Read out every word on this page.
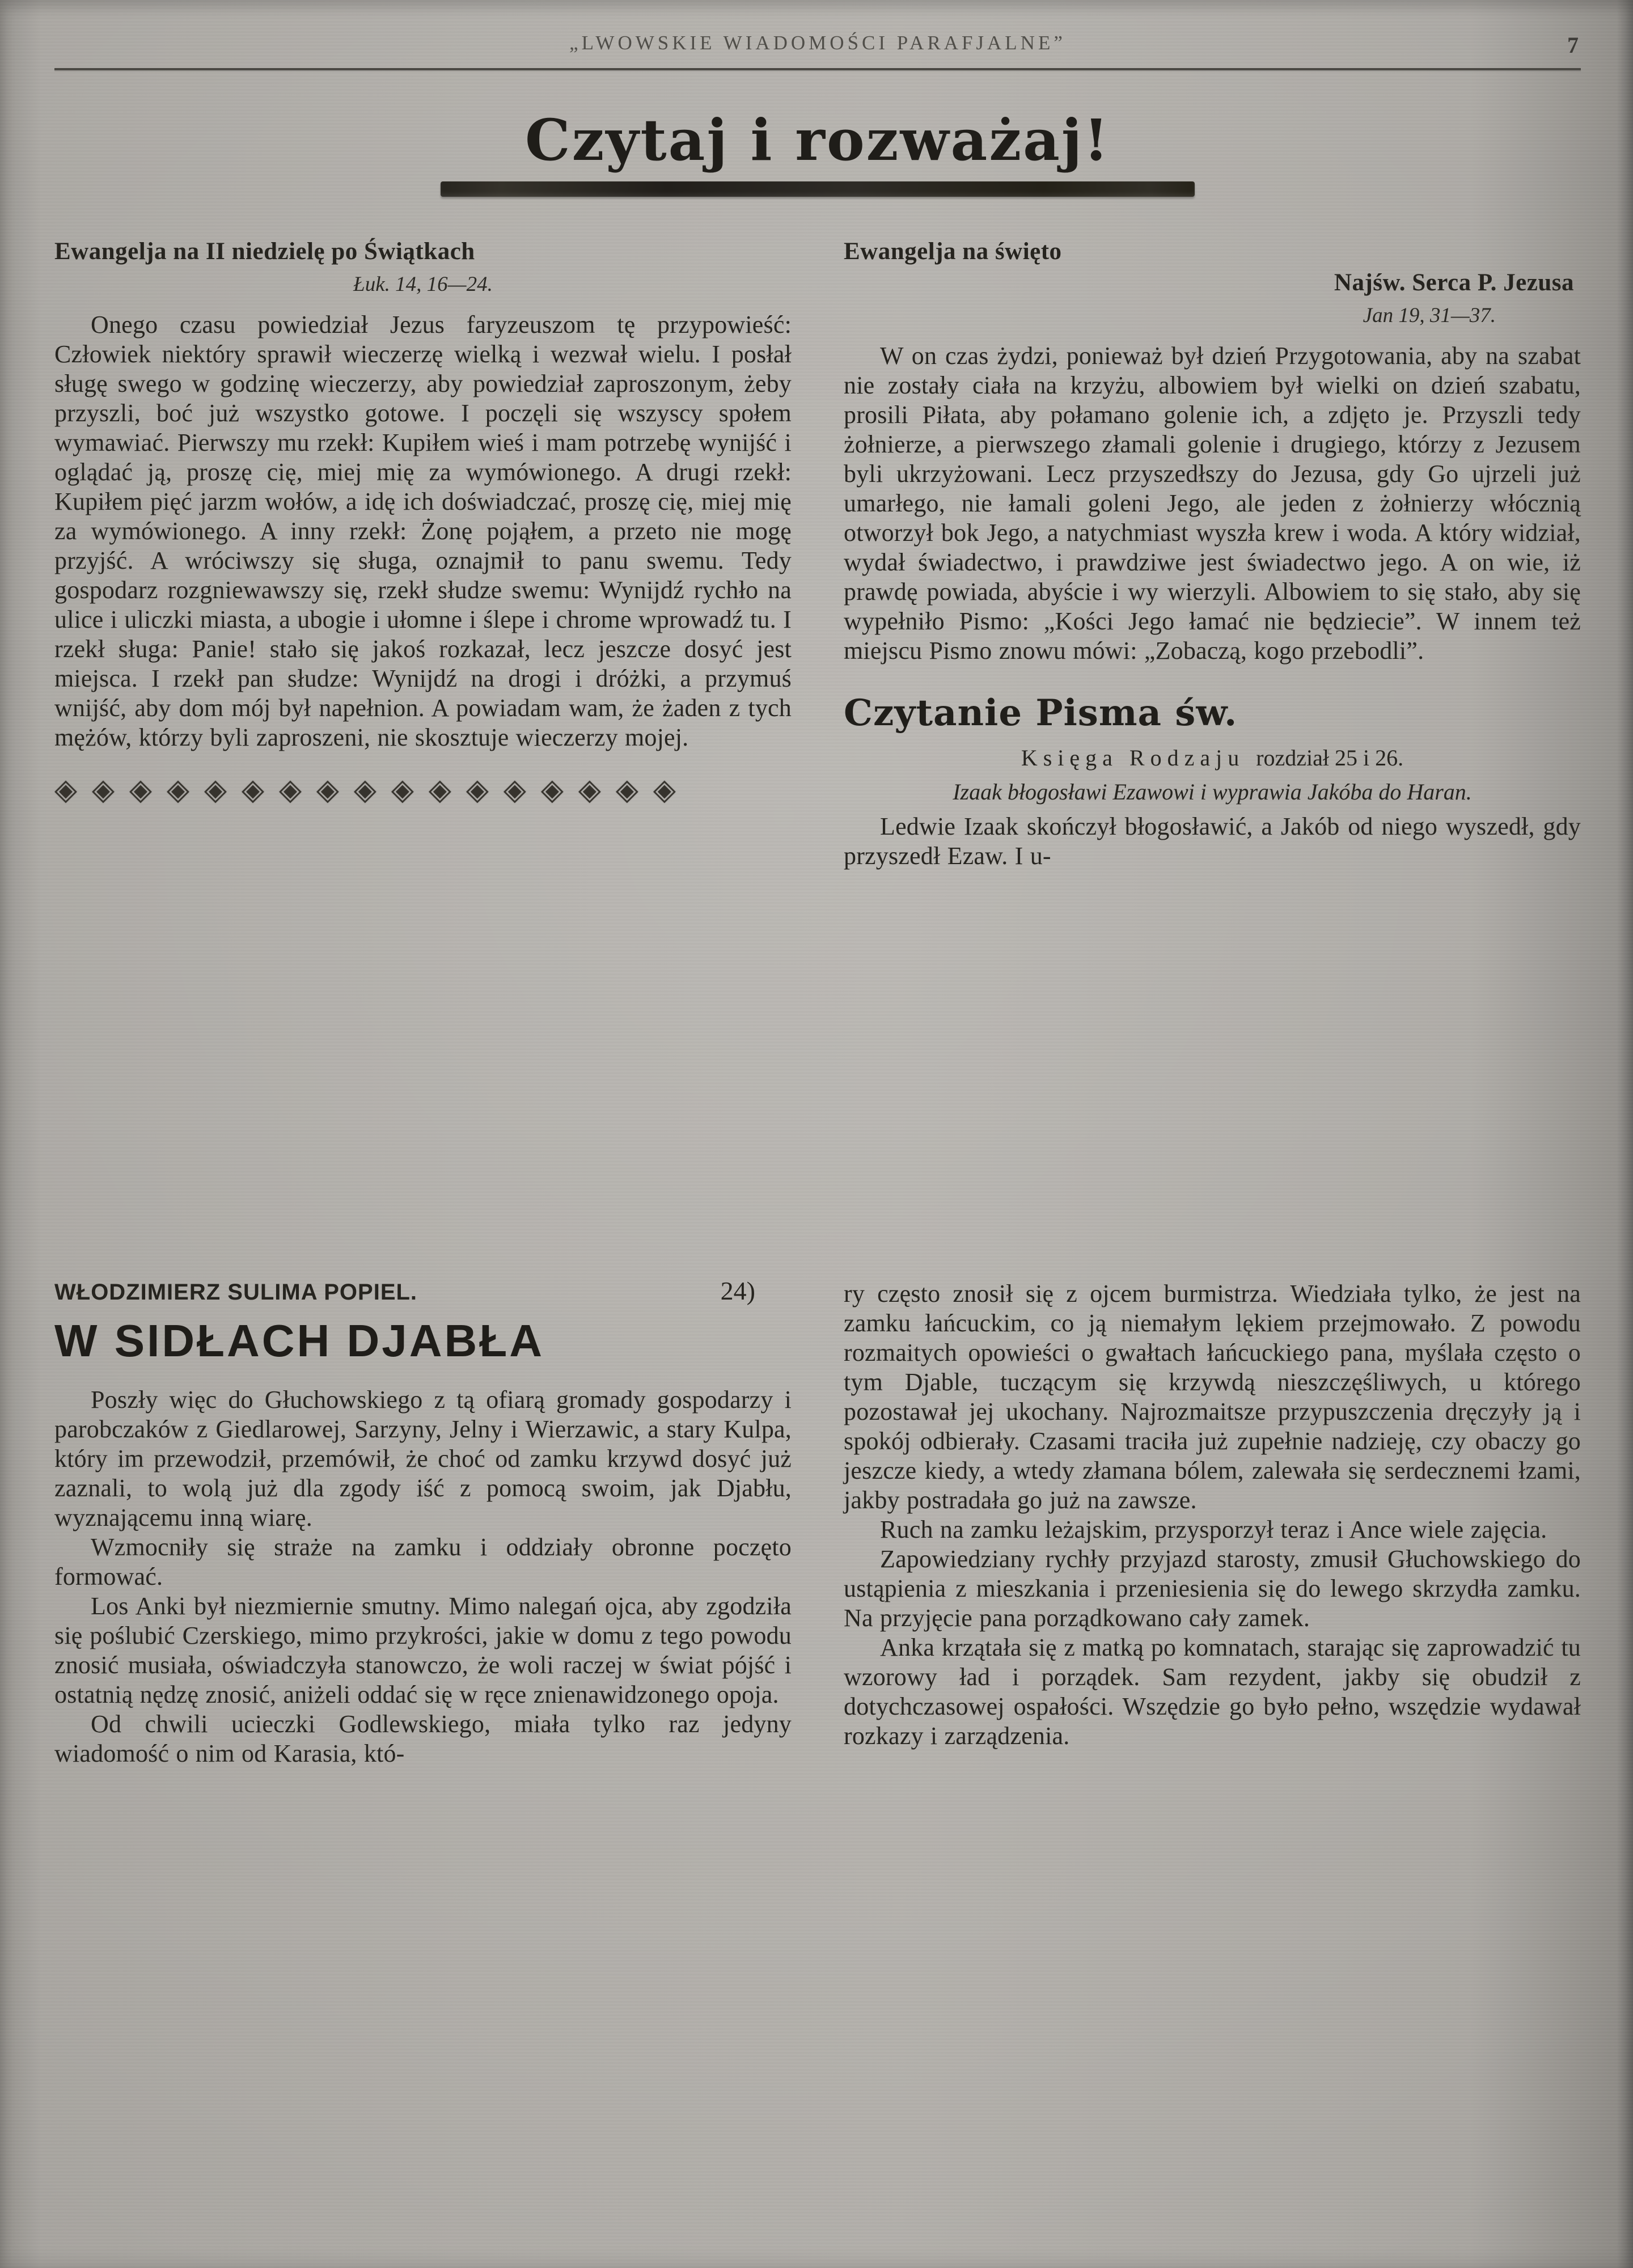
„LWOWSKIE WIADOMOŚCI PARAFJALNE”	7
Czytaj i rozważaj!
Ewangelja na II niedzielę po Świątkach
Łuk. 14, 16—24.

Onego czasu powiedział Jezus faryzeuszom tę przypowieść: Człowiek niektóry sprawił wieczerzę wielką i wezwał wielu. I posłał sługę swego w godzinę wieczerzy, aby powiedział zaproszonym, żeby przyszli, boć już wszystko gotowe. I poczęli się wszyscy społem wymawiać. Pierwszy mu rzekł: Kupiłem wieś i mam potrzebę wynijść i oglądać ją, proszę cię, miej mię za wymówionego. A drugi rzekł: Kupiłem pięć jarzm wołów, a idę ich doświadczać, proszę cię, miej mię za wymówionego. A inny rzekł: Żonę pojąłem, a przeto nie mogę przyjść. A wróciwszy się sługa, oznajmił to panu swemu. Tedy gospodarz rozgniewawszy się, rzekł słudze swemu: Wynijdź rychło na ulice i uliczki miasta, a ubogie i ułomne i ślepe i chrome wprowadź tu. I rzekł sługa: Panie! stało się jakoś rozkazał, lecz jeszcze dosyć jest miejsca. I rzekł pan słudze: Wynijdź na drogi i dróżki, a przymuś wnijść, aby dom mój był napełnion. A powiadam wam, że żaden z tych mężów, którzy byli zaproszeni, nie skosztuje wieczerzy mojej.

◈◈◈◈◈◈◈◈◈◈◈◈◈◈◈◈◈
Ewangelja na święto
Najśw. Serca P. Jezusa
Jan 19, 31—37.

W on czas żydzi, ponieważ był dzień Przygotowania, aby na szabat nie zostały ciała na krzyżu, albowiem był wielki on dzień szabatu, prosili Piłata, aby połamano golenie ich, a zdjęto je. Przyszli tedy żołnierze, a pierwszego złamali golenie i drugiego, którzy z Jezusem byli ukrzyżowani. Lecz przyszedłszy do Jezusa, gdy Go ujrzeli już umarłego, nie łamali goleni Jego, ale jeden z żołnierzy włócznią otworzył bok Jego, a natychmiast wyszła krew i woda. A który widział, wydał świadectwo, i prawdziwe jest świadectwo jego. A on wie, iż prawdę powiada, abyście i wy wierzyli. Albowiem to się stało, aby się wypełniło Pismo: „Kości Jego łamać nie będziecie”. W innem też miejscu Pismo znowu mówi: „Zobaczą, kogo przebodli”.

Czytanie Pisma św.
Księga Rodzaju rozdział 25 i 26.
Izaak błogosławi Ezawowi i wyprawia Jakóba do Haran.

Ledwie Izaak skończył błogosławić, a Jakób od niego wyszedł, gdy przyszedł Ezaw. I u-

WŁODZIMIERZ SULIMA POPIEL.	24)
W SIDŁACH DJABŁA

Poszły więc do Głuchowskiego z tą ofiarą gromady gospodarzy i parobczaków z Giedlarowej, Sarzyny, Jelny i Wierzawic, a stary Kulpa, który im przewodził, przemówił, że choć od zamku krzywd dosyć już zaznali, to wolą już dla zgody iść z pomocą swoim, jak Djabłu, wyznającemu inną wiarę.

Wzmocniły się straże na zamku i oddziały obronne poczęto formować.

Los Anki był niezmiernie smutny. Mimo nalegań ojca, aby zgodziła się poślubić Czerskiego, mimo przykrości, jakie w domu z tego powodu znosić musiała, oświadczyła stanowczo, że woli raczej w świat pójść i ostatnią nędzę znosić, aniżeli oddać się w ręce znienawidzonego opoja.

Od chwili ucieczki Godlewskiego, miała tylko raz jedyny wiadomość o nim od Karasia, któ-

ry często znosił się z ojcem burmistrza. Wiedziała tylko, że jest na zamku łańcuckim, co ją niemałym lękiem przejmowało. Z powodu rozmaitych opowieści o gwałtach łańcuckiego pana, myślała często o tym Djable, tuczącym się krzywdą nieszczęśliwych, u którego pozostawał jej ukochany. Najrozmaitsze przypuszczenia dręczyły ją i spokój odbierały. Czasami traciła już zupełnie nadzieję, czy obaczy go jeszcze kiedy, a wtedy złamana bólem, zalewała się serdecznemi łzami, jakby postradała go już na zawsze.

Ruch na zamku leżajskim, przysporzył teraz i Ance wiele zajęcia.

Zapowiedziany rychły przyjazd starosty, zmusił Głuchowskiego do ustąpienia z mieszkania i przeniesienia się do lewego skrzydła zamku. Na przyjęcie pana porządkowano cały zamek.

Anka krzątała się z matką po komnatach, starając się zaprowadzić tu wzorowy ład i porządek. Sam rezydent, jakby się obudził z dotychczasowej ospałości. Wszędzie go było pełno, wszędzie wydawał rozkazy i zarządzenia.
